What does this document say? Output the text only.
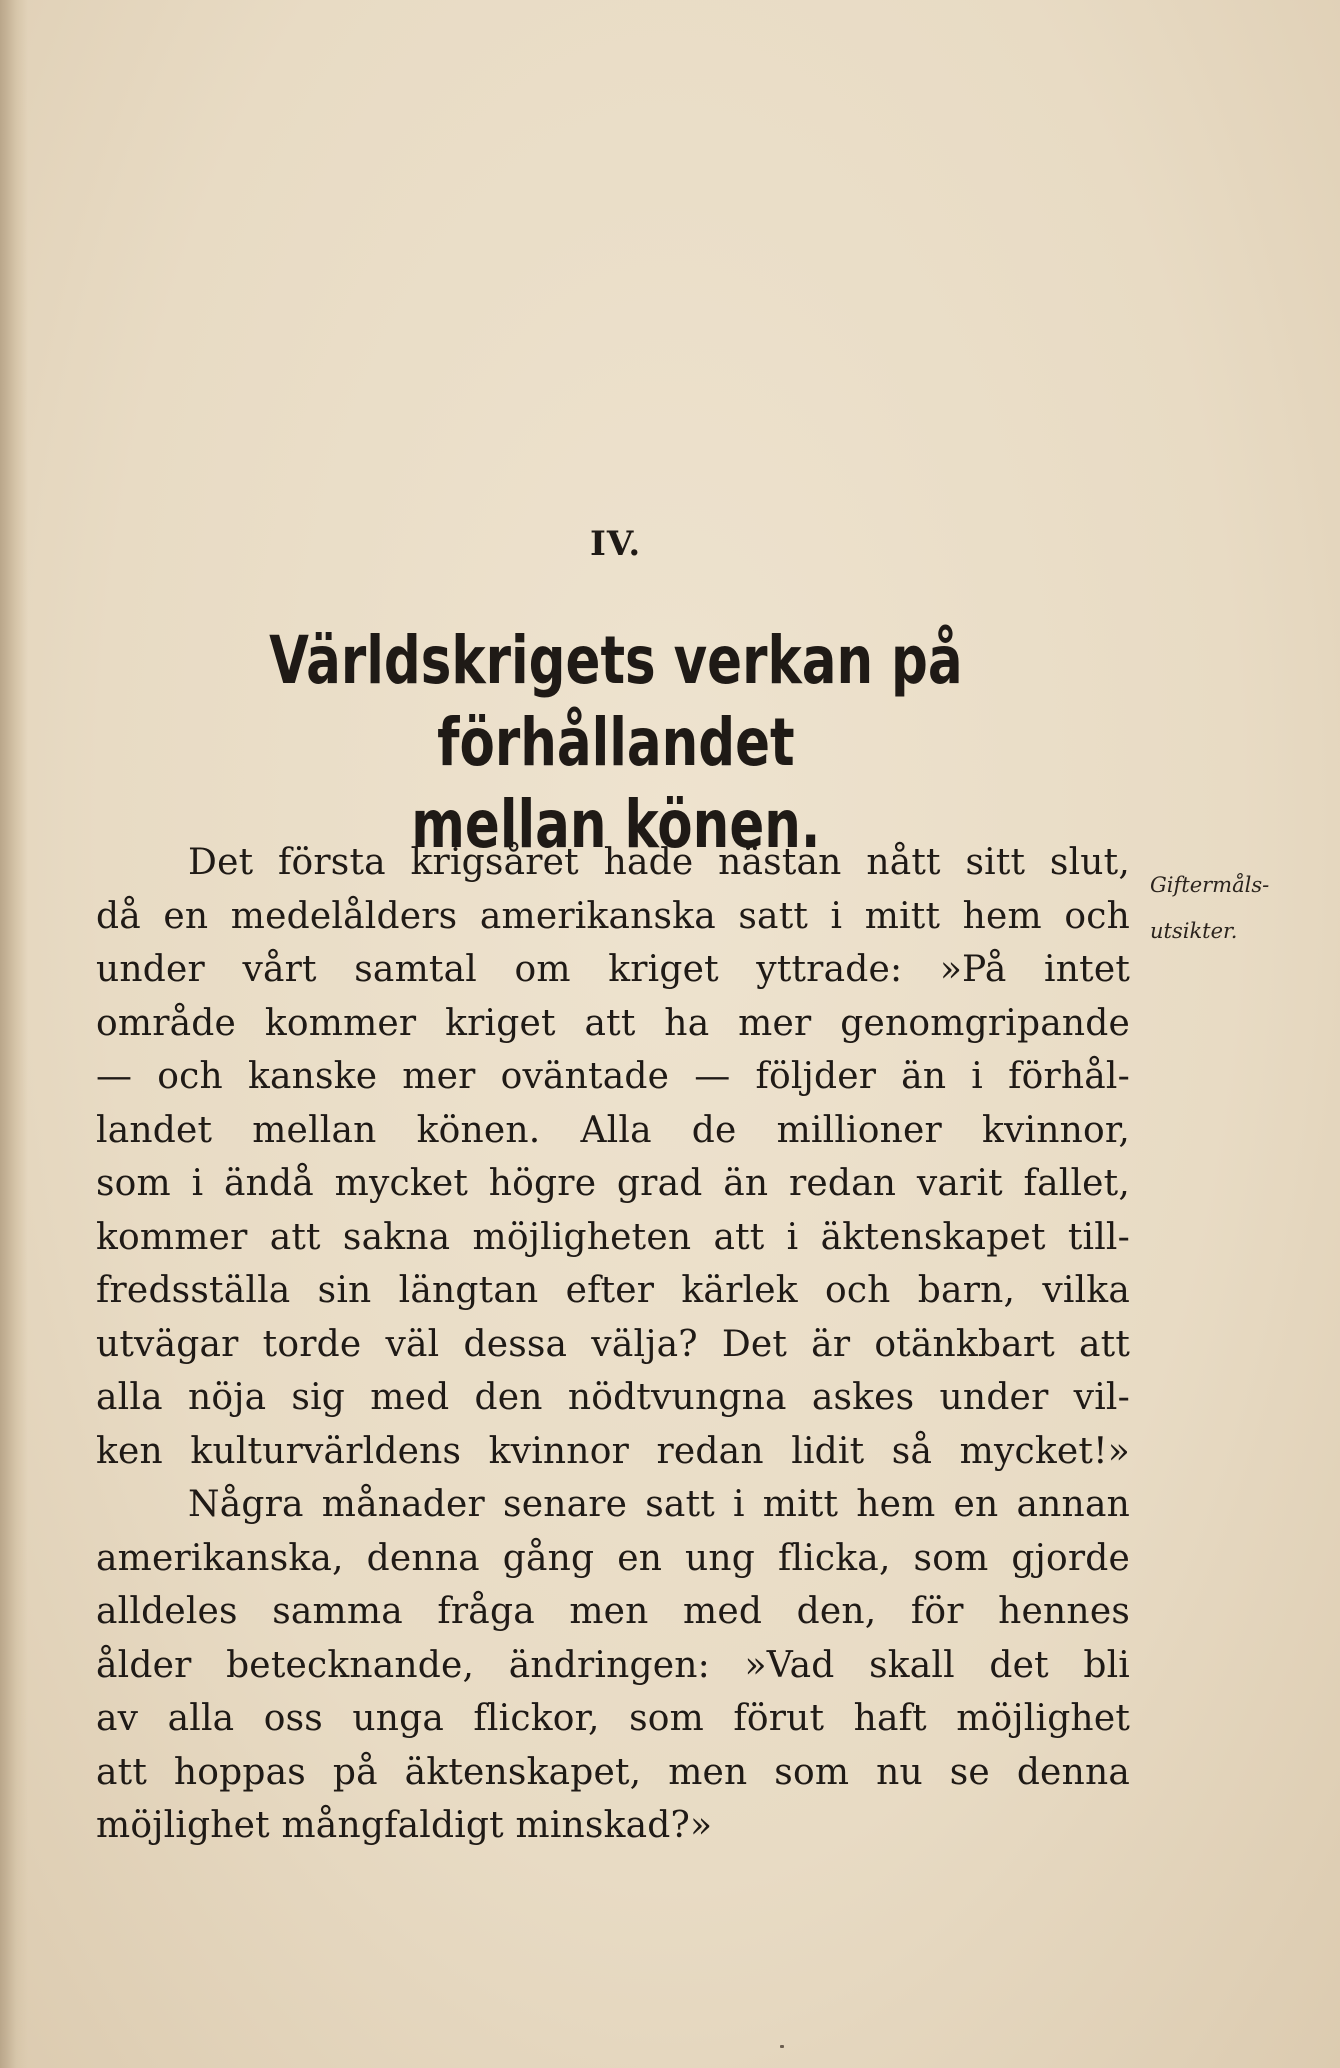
IV.
Världskrigets verkan på förhållandet
mellan könen.

Giftermåls-
utsikter.

Det första krigsåret hade nästan nått sitt slut,
då en medelålders amerikanska satt i mitt hem och
under vårt samtal om kriget yttrade: »På intet
område kommer kriget att ha mer genomgripande
— och kanske mer oväntade — följder än i förhål-
landet mellan könen. Alla de millioner kvinnor,
som i ändå mycket högre grad än redan varit fallet,
kommer att sakna möjligheten att i äktenskapet till-
fredsställa sin längtan efter kärlek och barn, vilka
utvägar torde väl dessa välja? Det är otänkbart att
alla nöja sig med den nödtvungna askes under vil-
ken kulturvärldens kvinnor redan lidit så mycket!»
Några månader senare satt i mitt hem en annan
amerikanska, denna gång en ung flicka, som gjorde
alldeles samma fråga men med den, för hennes
ålder betecknande, ändringen: »Vad skall det bli
av alla oss unga flickor, som förut haft möjlighet
att hoppas på äktenskapet, men som nu se denna
möjlighet mångfaldigt minskad?»
